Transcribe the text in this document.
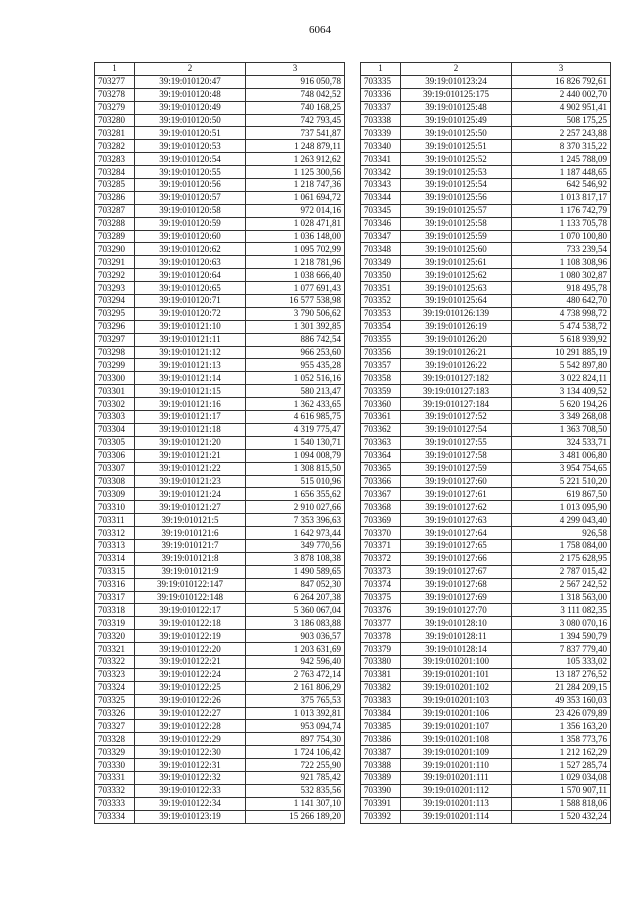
6064
1	2	3
703277	39:19:010120:47	916 050,78
703278	39:19:010120:48	748 042,52
703279	39:19:010120:49	740 168,25
703280	39:19:010120:50	742 793,45
703281	39:19:010120:51	737 541,87
703282	39:19:010120:53	1 248 879,11
703283	39:19:010120:54	1 263 912,62
703284	39:19:010120:55	1 125 300,56
703285	39:19:010120:56	1 218 747,36
703286	39:19:010120:57	1 061 694,72
703287	39:19:010120:58	972 014,16
703288	39:19:010120:59	1 028 471,81
703289	39:19:010120:60	1 036 148,00
703290	39:19:010120:62	1 095 702,99
703291	39:19:010120:63	1 218 781,96
703292	39:19:010120:64	1 038 666,40
703293	39:19:010120:65	1 077 691,43
703294	39:19:010120:71	16 577 538,98
703295	39:19:010120:72	3 790 506,62
703296	39:19:010121:10	1 301 392,85
703297	39:19:010121:11	886 742,54
703298	39:19:010121:12	966 253,60
703299	39:19:010121:13	955 435,28
703300	39:19:010121:14	1 052 516,16
703301	39:19:010121:15	580 213,47
703302	39:19:010121:16	1 362 433,65
703303	39:19:010121:17	4 616 985,75
703304	39:19:010121:18	4 319 775,47
703305	39:19:010121:20	1 540 130,71
703306	39:19:010121:21	1 094 008,79
703307	39:19:010121:22	1 308 815,50
703308	39:19:010121:23	515 010,96
703309	39:19:010121:24	1 656 355,62
703310	39:19:010121:27	2 910 027,66
703311	39:19:010121:5	7 353 396,63
703312	39:19:010121:6	1 642 973,44
703313	39:19:010121:7	349 770,56
703314	39:19:010121:8	3 878 108,38
703315	39:19:010121:9	1 490 589,65
703316	39:19:010122:147	847 052,30
703317	39:19:010122:148	6 264 207,38
703318	39:19:010122:17	5 360 067,04
703319	39:19:010122:18	3 186 083,88
703320	39:19:010122:19	903 036,57
703321	39:19:010122:20	1 203 631,69
703322	39:19:010122:21	942 596,40
703323	39:19:010122:24	2 763 472,14
703324	39:19:010122:25	2 161 806,29
703325	39:19:010122:26	375 765,53
703326	39:19:010122:27	1 013 392,81
703327	39:19:010122:28	953 094,74
703328	39:19:010122:29	897 754,30
703329	39:19:010122:30	1 724 106,42
703330	39:19:010122:31	722 255,90
703331	39:19:010122:32	921 785,42
703332	39:19:010122:33	532 835,56
703333	39:19:010122:34	1 141 307,10
703334	39:19:010123:19	15 266 189,20
1	2	3
703335	39:19:010123:24	16 826 792,61
703336	39:19:010125:175	2 440 002,70
703337	39:19:010125:48	4 902 951,41
703338	39:19:010125:49	508 175,25
703339	39:19:010125:50	2 257 243,88
703340	39:19:010125:51	8 370 315,22
703341	39:19:010125:52	1 245 788,09
703342	39:19:010125:53	1 187 448,65
703343	39:19:010125:54	642 546,92
703344	39:19:010125:56	1 013 817,17
703345	39:19:010125:57	1 176 742,79
703346	39:19:010125:58	1 133 705,78
703347	39:19:010125:59	1 070 100,80
703348	39:19:010125:60	733 239,54
703349	39:19:010125:61	1 108 308,96
703350	39:19:010125:62	1 080 302,87
703351	39:19:010125:63	918 495,78
703352	39:19:010125:64	480 642,70
703353	39:19:010126:139	4 738 998,72
703354	39:19:010126:19	5 474 538,72
703355	39:19:010126:20	5 618 939,92
703356	39:19:010126:21	10 291 885,19
703357	39:19:010126:22	5 542 897,80
703358	39:19:010127:182	3 022 824,11
703359	39:19:010127:183	3 134 409,52
703360	39:19:010127:184	5 620 194,26
703361	39:19:010127:52	3 349 268,08
703362	39:19:010127:54	1 363 708,50
703363	39:19:010127:55	324 533,71
703364	39:19:010127:58	3 481 006,80
703365	39:19:010127:59	3 954 754,65
703366	39:19:010127:60	5 221 510,20
703367	39:19:010127:61	619 867,50
703368	39:19:010127:62	1 013 095,90
703369	39:19:010127:63	4 299 043,40
703370	39:19:010127:64	926,58
703371	39:19:010127:65	1 758 084,00
703372	39:19:010127:66	2 175 628,95
703373	39:19:010127:67	2 787 015,42
703374	39:19:010127:68	2 567 242,52
703375	39:19:010127:69	1 318 563,00
703376	39:19:010127:70	3 111 082,35
703377	39:19:010128:10	3 080 070,16
703378	39:19:010128:11	1 394 590,79
703379	39:19:010128:14	7 837 779,40
703380	39:19:010201:100	105 333,02
703381	39:19:010201:101	13 187 276,52
703382	39:19:010201:102	21 284 209,15
703383	39:19:010201:103	49 353 160,03
703384	39:19:010201:106	23 426 079,89
703385	39:19:010201:107	1 356 163,20
703386	39:19:010201:108	1 358 773,76
703387	39:19:010201:109	1 212 162,29
703388	39:19:010201:110	1 527 285,74
703389	39:19:010201:111	1 029 034,08
703390	39:19:010201:112	1 570 907,11
703391	39:19:010201:113	1 588 818,06
703392	39:19:010201:114	1 520 432,24
